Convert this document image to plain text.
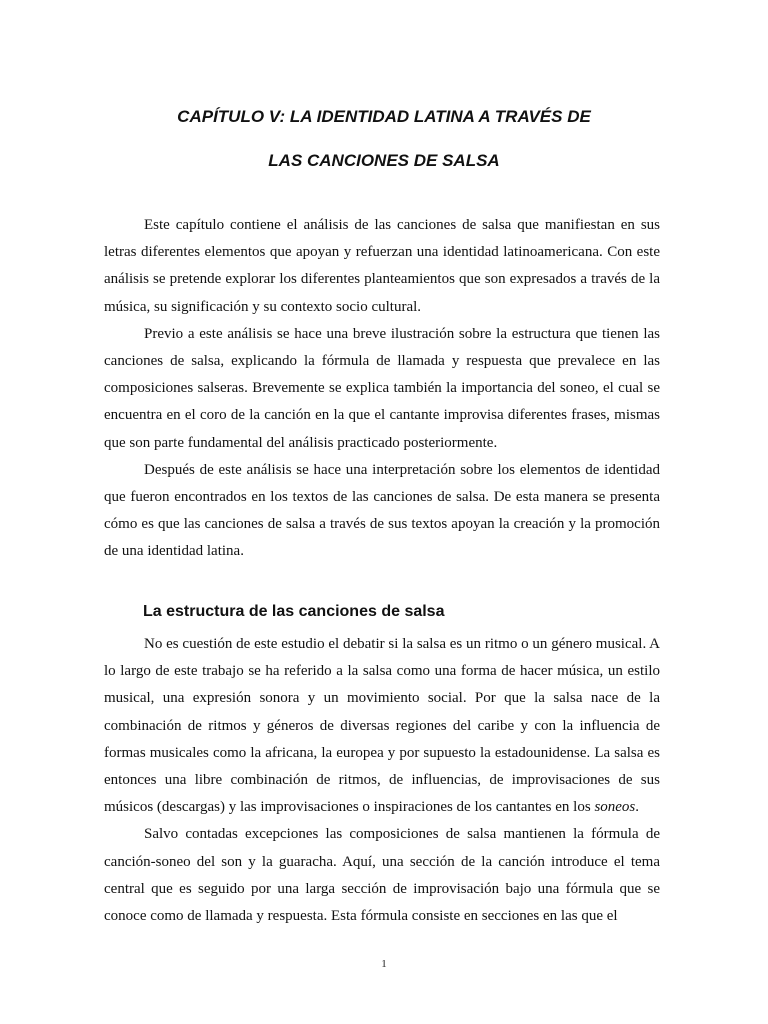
CAPÍTULO V: LA IDENTIDAD LATINA A TRAVÉS DE
LAS CANCIONES DE SALSA

Este capítulo contiene el análisis de las canciones de salsa que manifiestan en sus letras diferentes elementos que apoyan y refuerzan una identidad latinoamericana. Con este análisis se pretende explorar los diferentes planteamientos que son expresados a través de la música, su significación y su contexto socio cultural.

Previo a este análisis se hace una breve ilustración sobre la estructura que tienen las canciones de salsa, explicando la fórmula de llamada y respuesta que prevalece en las composiciones salseras. Brevemente se explica también la importancia del soneo, el cual se encuentra en el coro de la canción en la que el cantante improvisa diferentes frases, mismas que son parte fundamental del análisis practicado posteriormente.

Después de este análisis se hace una interpretación sobre los elementos de identidad que fueron encontrados en los textos de las canciones de salsa. De esta manera se presenta cómo es que las canciones de salsa a través de sus textos apoyan la creación y la promoción de una identidad latina.

La estructura de las canciones de salsa

No es cuestión de este estudio el debatir si la salsa es un ritmo o un género musical. A lo largo de este trabajo se ha referido a la salsa como una forma de hacer música, un estilo musical, una expresión sonora y un movimiento social. Por que la salsa nace de la combinación de ritmos y géneros de diversas regiones del caribe y con la influencia de formas musicales como la africana, la europea y por supuesto la estadounidense. La salsa es entonces una libre combinación de ritmos, de influencias, de improvisaciones de sus músicos (descargas) y las improvisaciones o inspiraciones de los cantantes en los soneos.

Salvo contadas excepciones las composiciones de salsa mantienen la fórmula de canción-soneo del son y la guaracha. Aquí, una sección de la canción introduce el tema central que es seguido por una larga sección de improvisación bajo una fórmula que se conoce como de llamada y respuesta. Esta fórmula consiste en secciones en las que el

1
